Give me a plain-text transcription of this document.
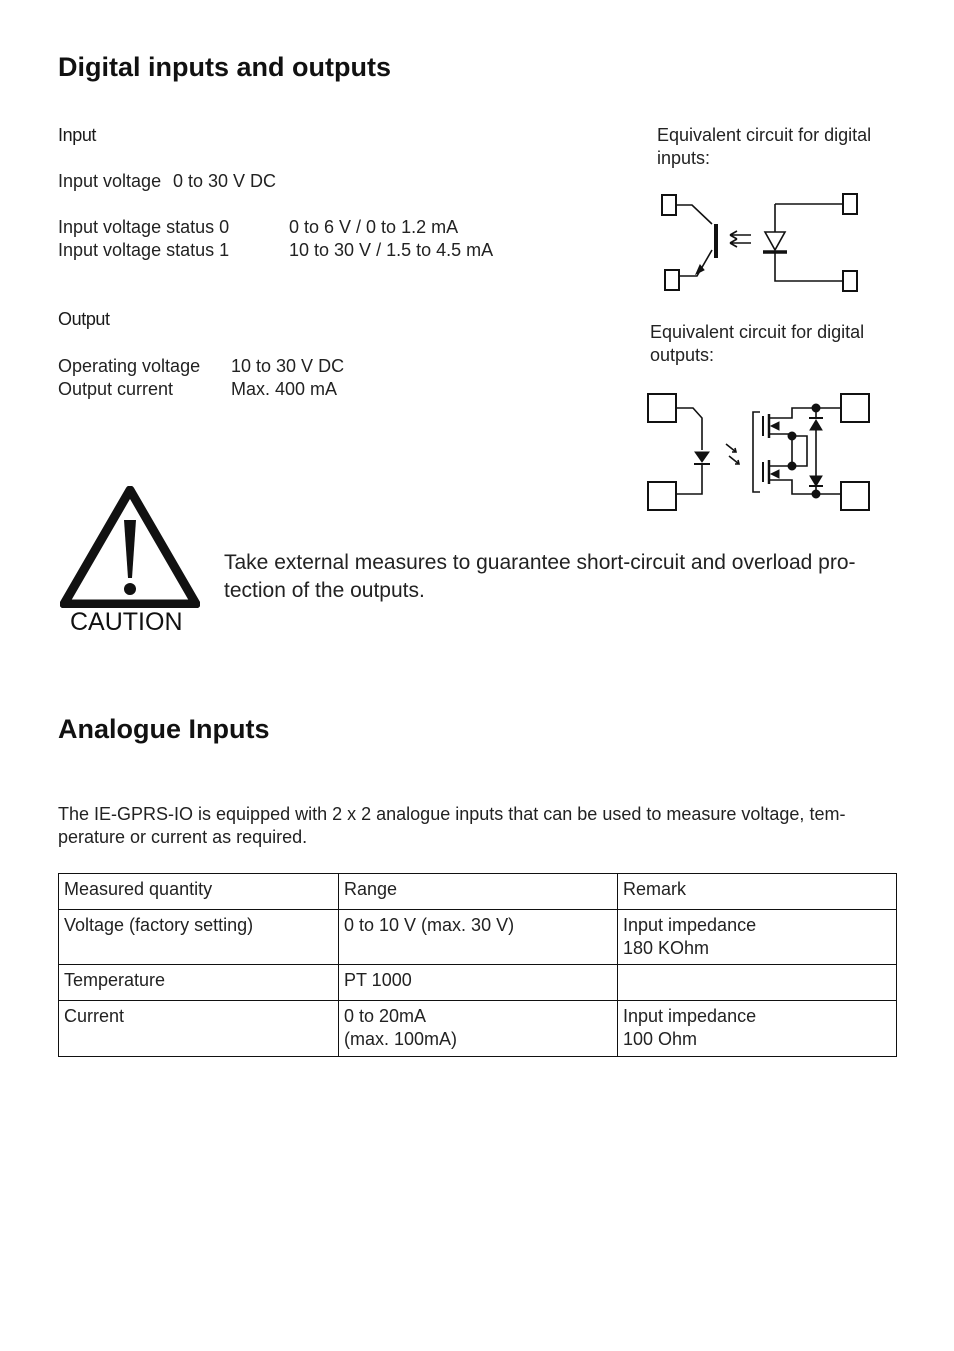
Digital inputs and outputs
Input
Input voltage 0 to 30 V DC
Input voltage status 0	0 to 6 V / 0 to 1.2 mA
Input voltage status 1	10 to 30 V / 1.5 to 4.5 mA
Output
Operating voltage 10 to 30 V DC
Output current	Max. 400 mA
Equivalent circuit for digital
inputs:
Equivalent circuit for digital
outputs:
CAUTION
Take external measures to guarantee short-circuit and overload pro-
tection of the outputs.
Analogue Inputs
The IE-GPRS-IO is equipped with 2 x 2 analogue inputs that can be used to measure voltage, tem-
perature or current as required.
Measured quantity	Range	Remark
Voltage (factory setting)	0 to 10 V (max. 30 V)	Input impedance
180 KOhm

Temperature	PT 1000	

Current	0 to 20mA
(max. 100mA)	Input impedance
100 Ohm
